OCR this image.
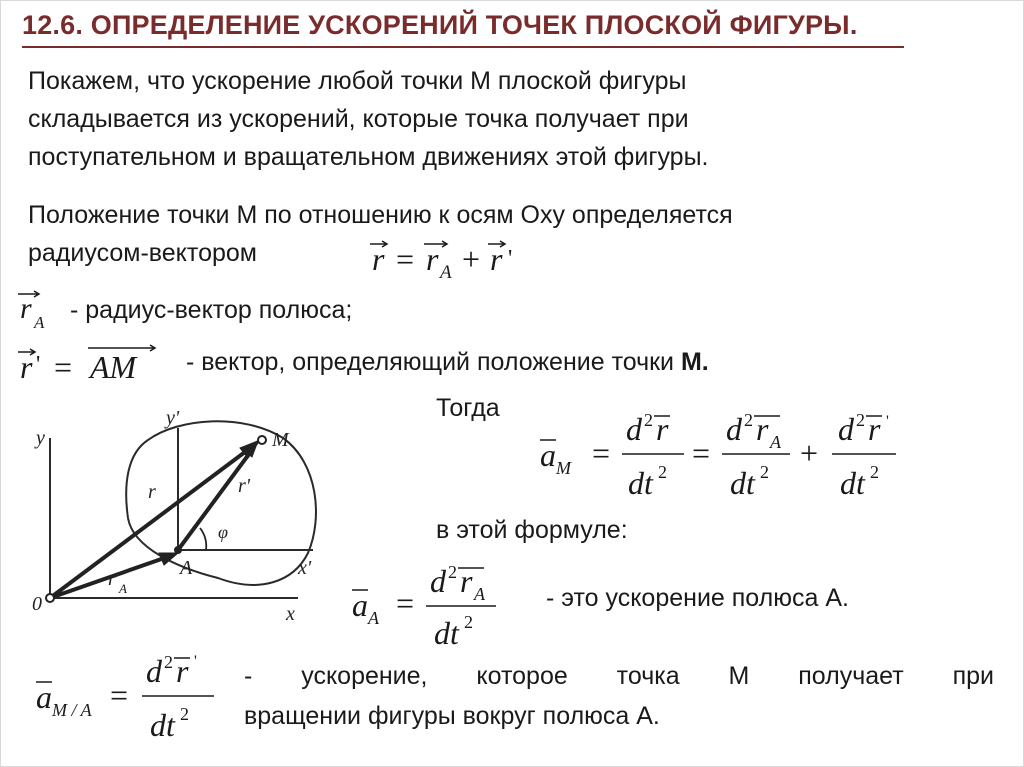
12.6. ОПРЕДЕЛЕНИЕ УСКОРЕНИЙ ТОЧЕК ПЛОСКОЙ ФИГУРЫ.
Покажем, что ускорение любой точки М плоской фигуры
складывается из ускорений, которые точка получает при
поступательном и вращательном движениях этой фигуры.
Положение точки М по отношению к осям Оxy определяется
радиусом-вектором	r = r A + r '
r A - радиус-вектор полюса;
r ' = AM - вектор, определяющий положение точки М.
y
y'
0	x
x'
A
M
r	r'
r A
φ
Тогда
a M =
d 2 r
dt 2
=
d 2 r A
dt 2
+
d 2 r '
dt 2
в этой формуле:
a A =
d 2 r A
dt 2
- это ускорение полюса А.
a M / A =
d 2 r '
dt 2
- ускорение, которое точка М получает при
вращении фигуры вокруг полюса А.
